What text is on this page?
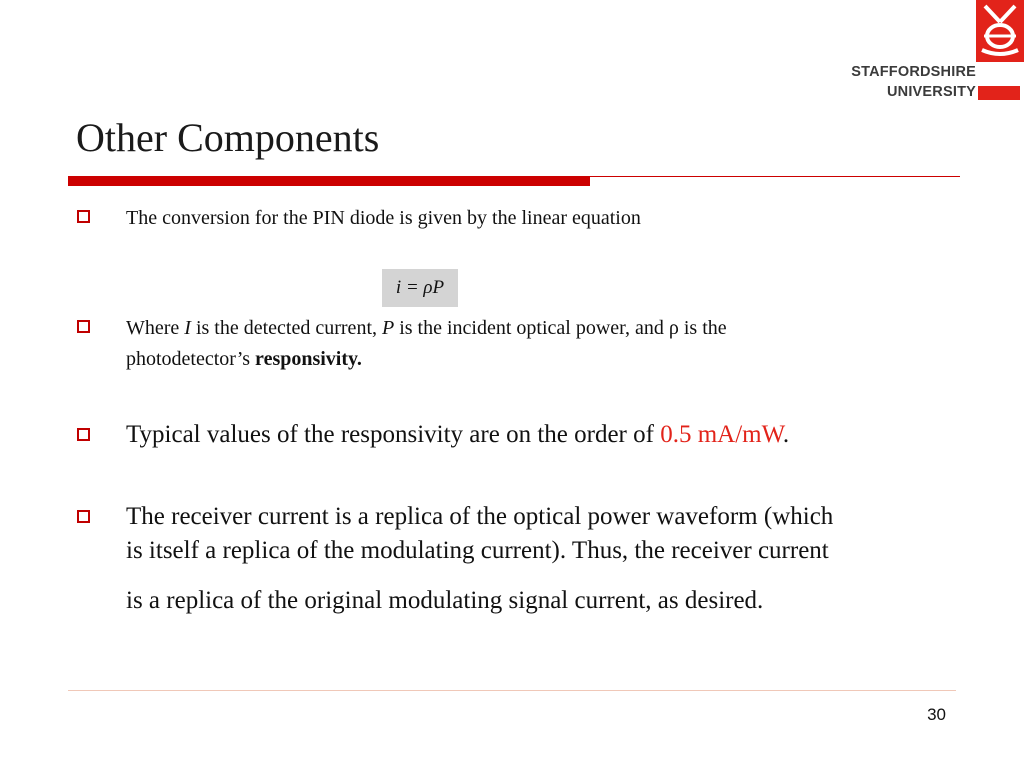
STAFFORDSHIRE
UNIVERSITY
Other Components
The conversion for the PIN diode is given by the linear equation
i = ρP
Where I is the detected current, P is the incident optical power, and ρ is the
photodetector’s responsivity.
Typical values of the responsivity are on the order of 0.5 mA/mW.
The receiver current is a replica of the optical power waveform (which
is itself a replica of the modulating current). Thus, the receiver current
is a replica of the original modulating signal current, as desired.
30
